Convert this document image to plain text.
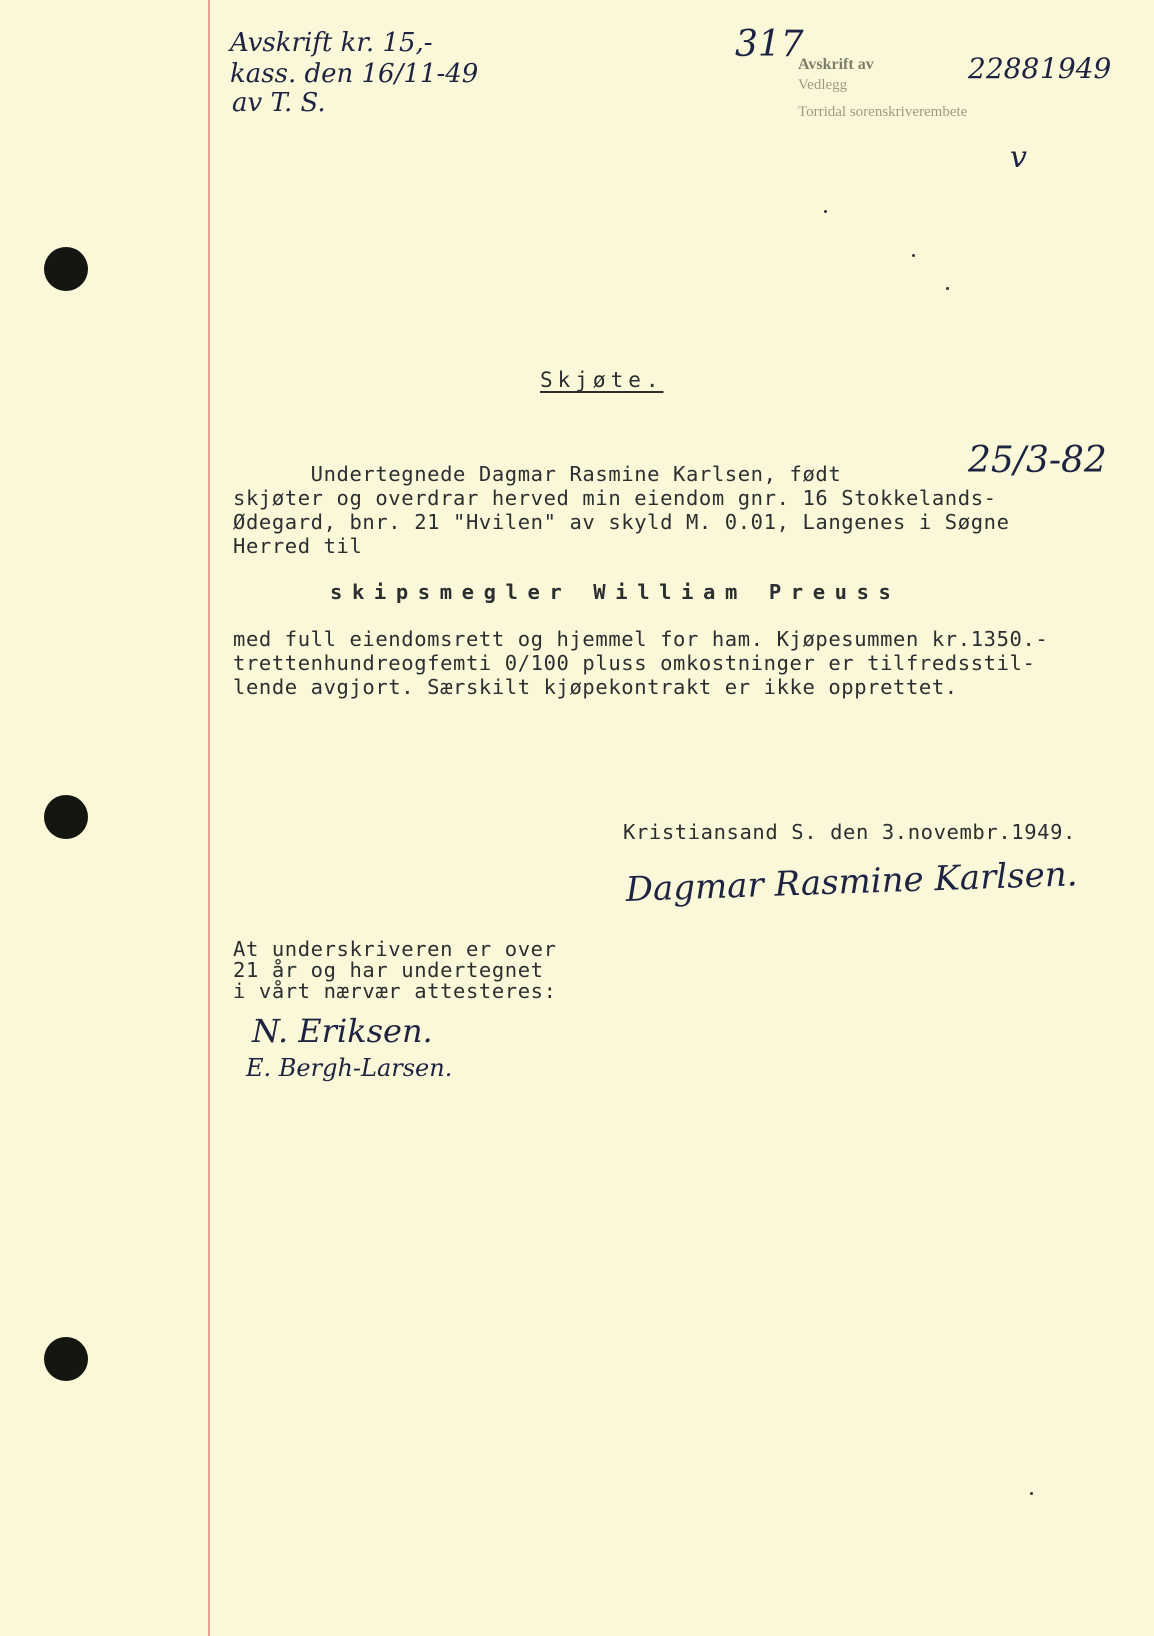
Avskrift kr. 15,-
kass. den 16/11-49
av T. S.
317
Avskrift av
Vedlegg
Torridal sorenskriverembete
2288 1949
v
Skjøte.
Undertegnede Dagmar Rasmine Karlsen, født	25/3-82
skjøter og overdrar herved min eiendom gnr. 16 Stokkelands-
Ødegard, bnr. 21 "Hvilen" av skyld M. 0.01, Langenes i Søgne
Herred til
skipsmegler William Preuss
med full eiendomsrett og hjemmel for ham. Kjøpesummen kr.1350.-
trettenhundreogfemti 0/100 pluss omkostninger er tilfredsstil-
lende avgjort. Særskilt kjøpekontrakt er ikke opprettet.
Kristiansand S. den 3.novembr.1949.
Dagmar Rasmine Karlsen.
At underskriveren er over
21 år og har undertegnet
i vårt nærvær attesteres:
N. Eriksen.
E. Bergh-Larsen.
